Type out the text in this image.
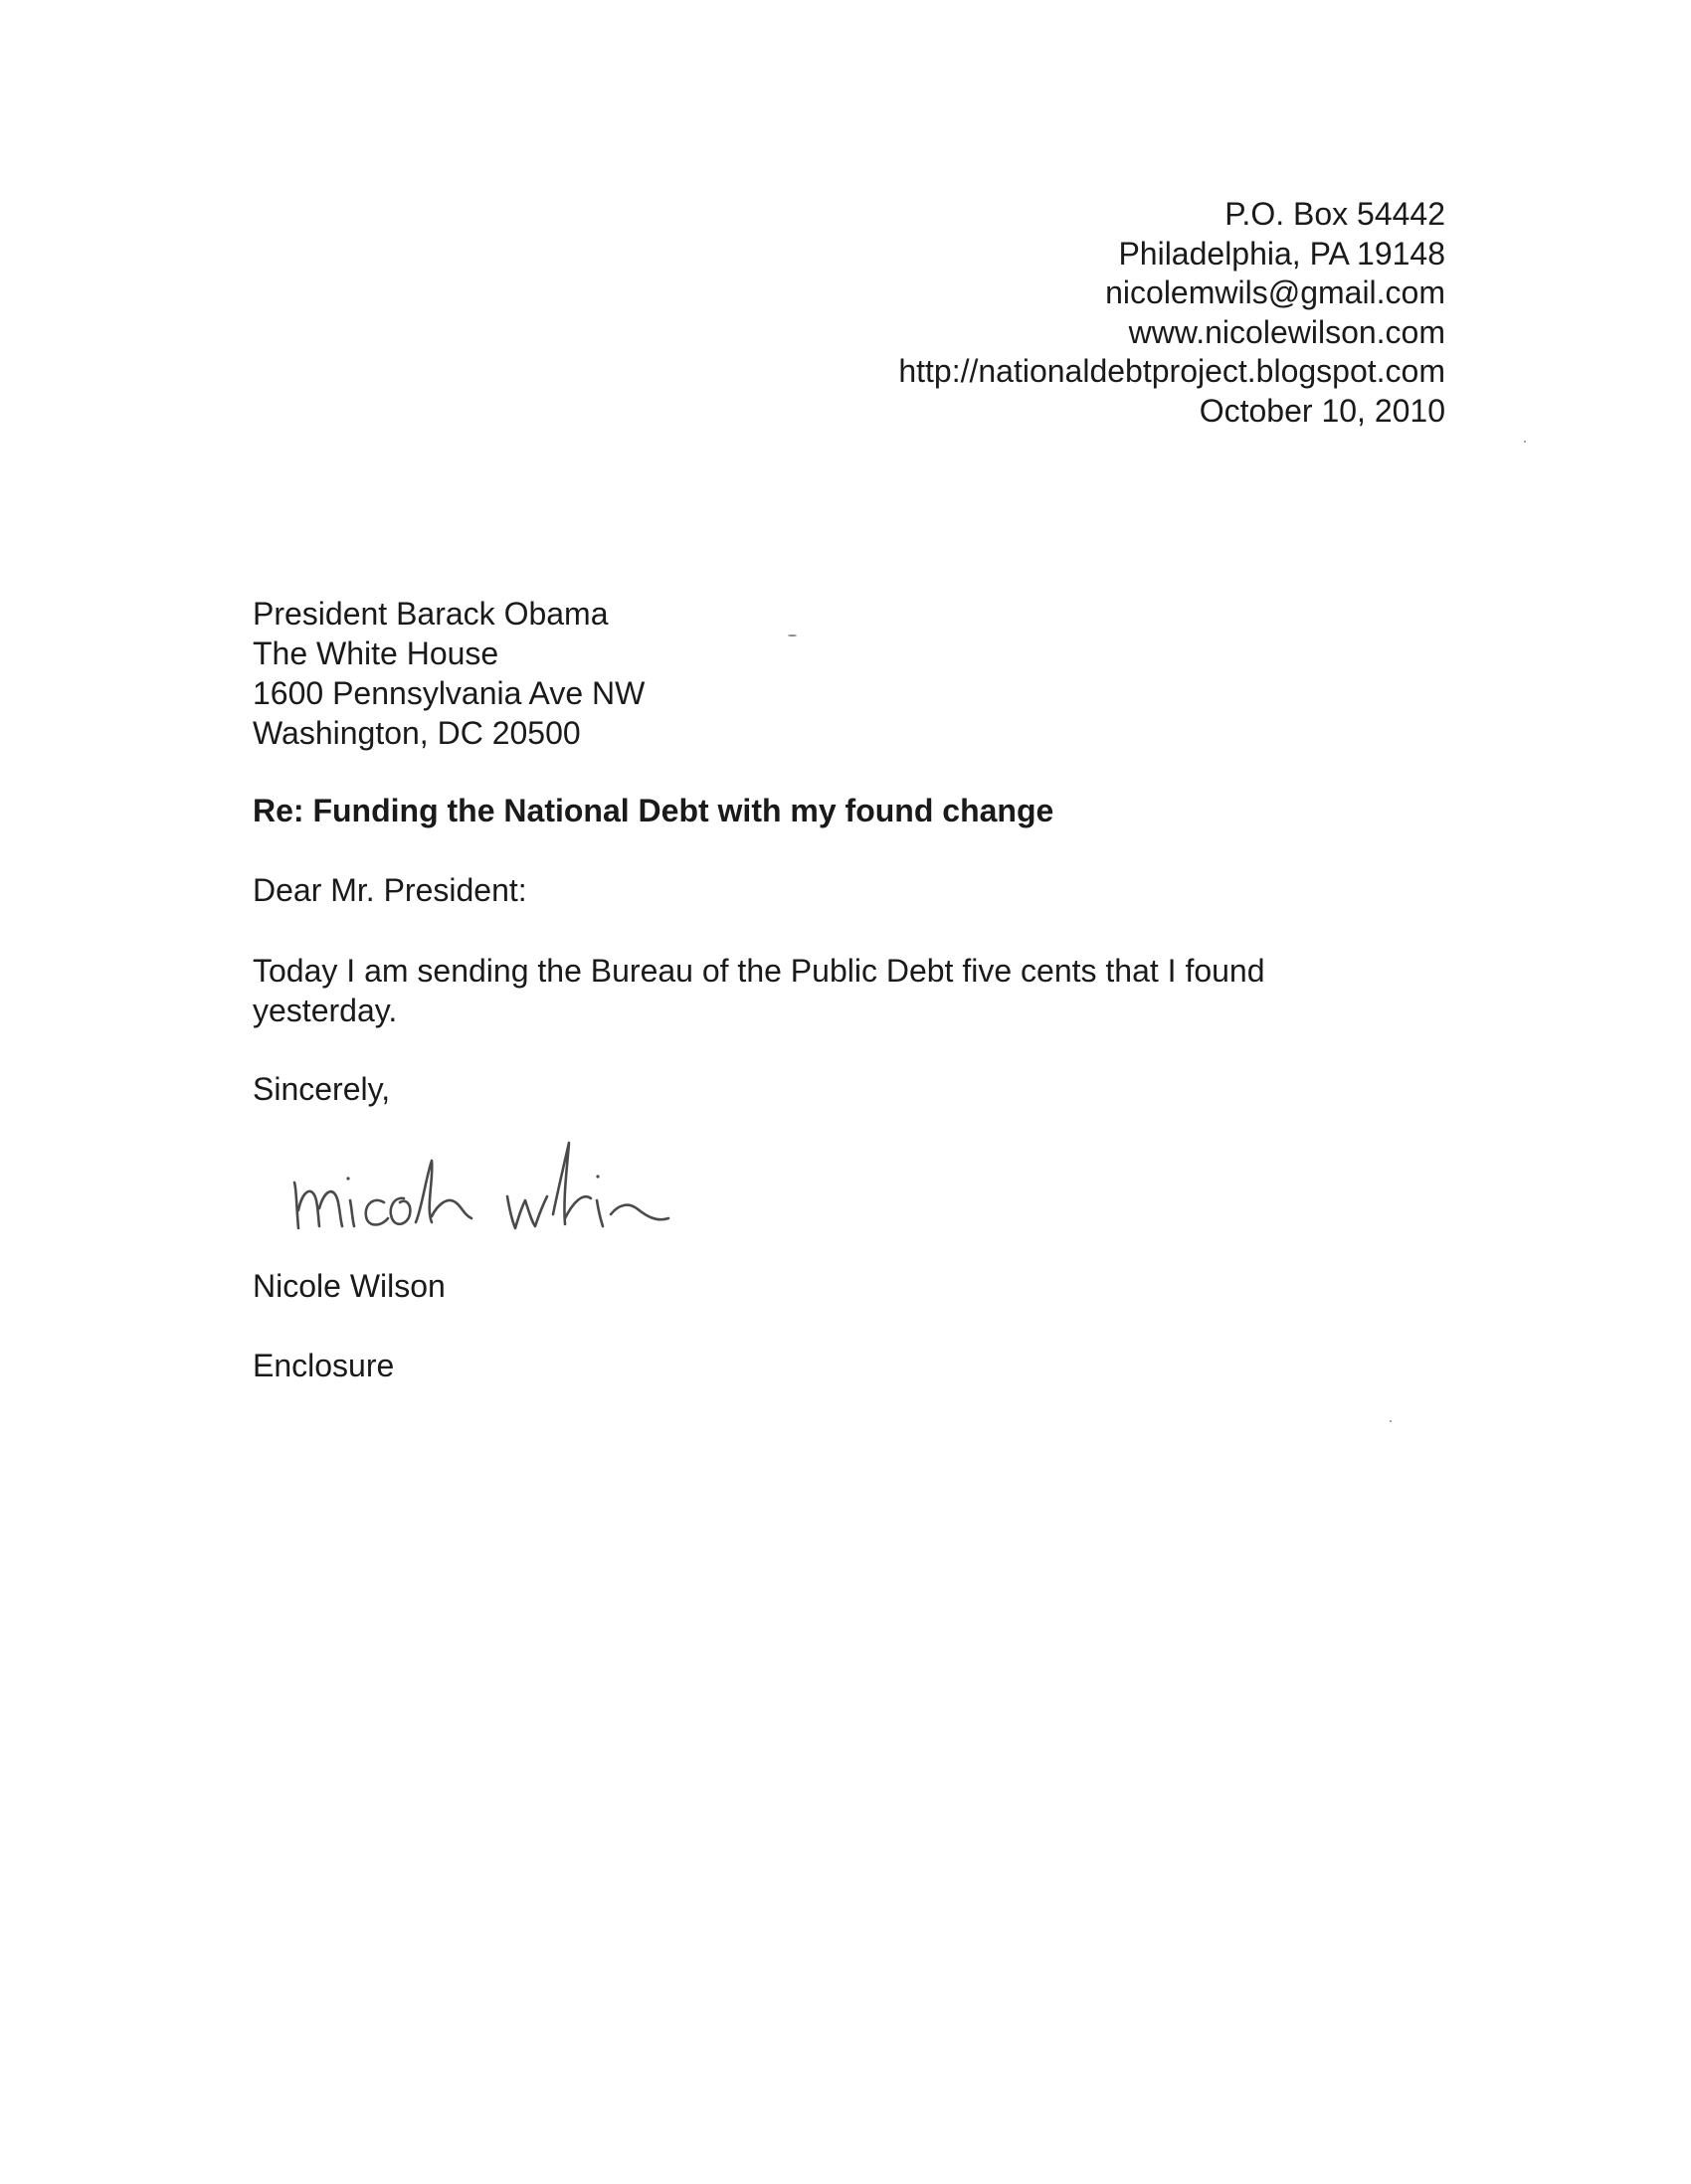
P.O. Box 54442
Philadelphia, PA 19148
nicolemwils@gmail.com
www.nicolewilson.com
http://nationaldebtproject.blogspot.com
October 10, 2010
President Barack Obama
The White House
1600 Pennsylvania Ave NW
Washington, DC 20500
Re: Funding the National Debt with my found change
Dear Mr. President:
Today I am sending the Bureau of the Public Debt five cents that I found
yesterday.
Sincerely,
Nicole Wilson
Enclosure
